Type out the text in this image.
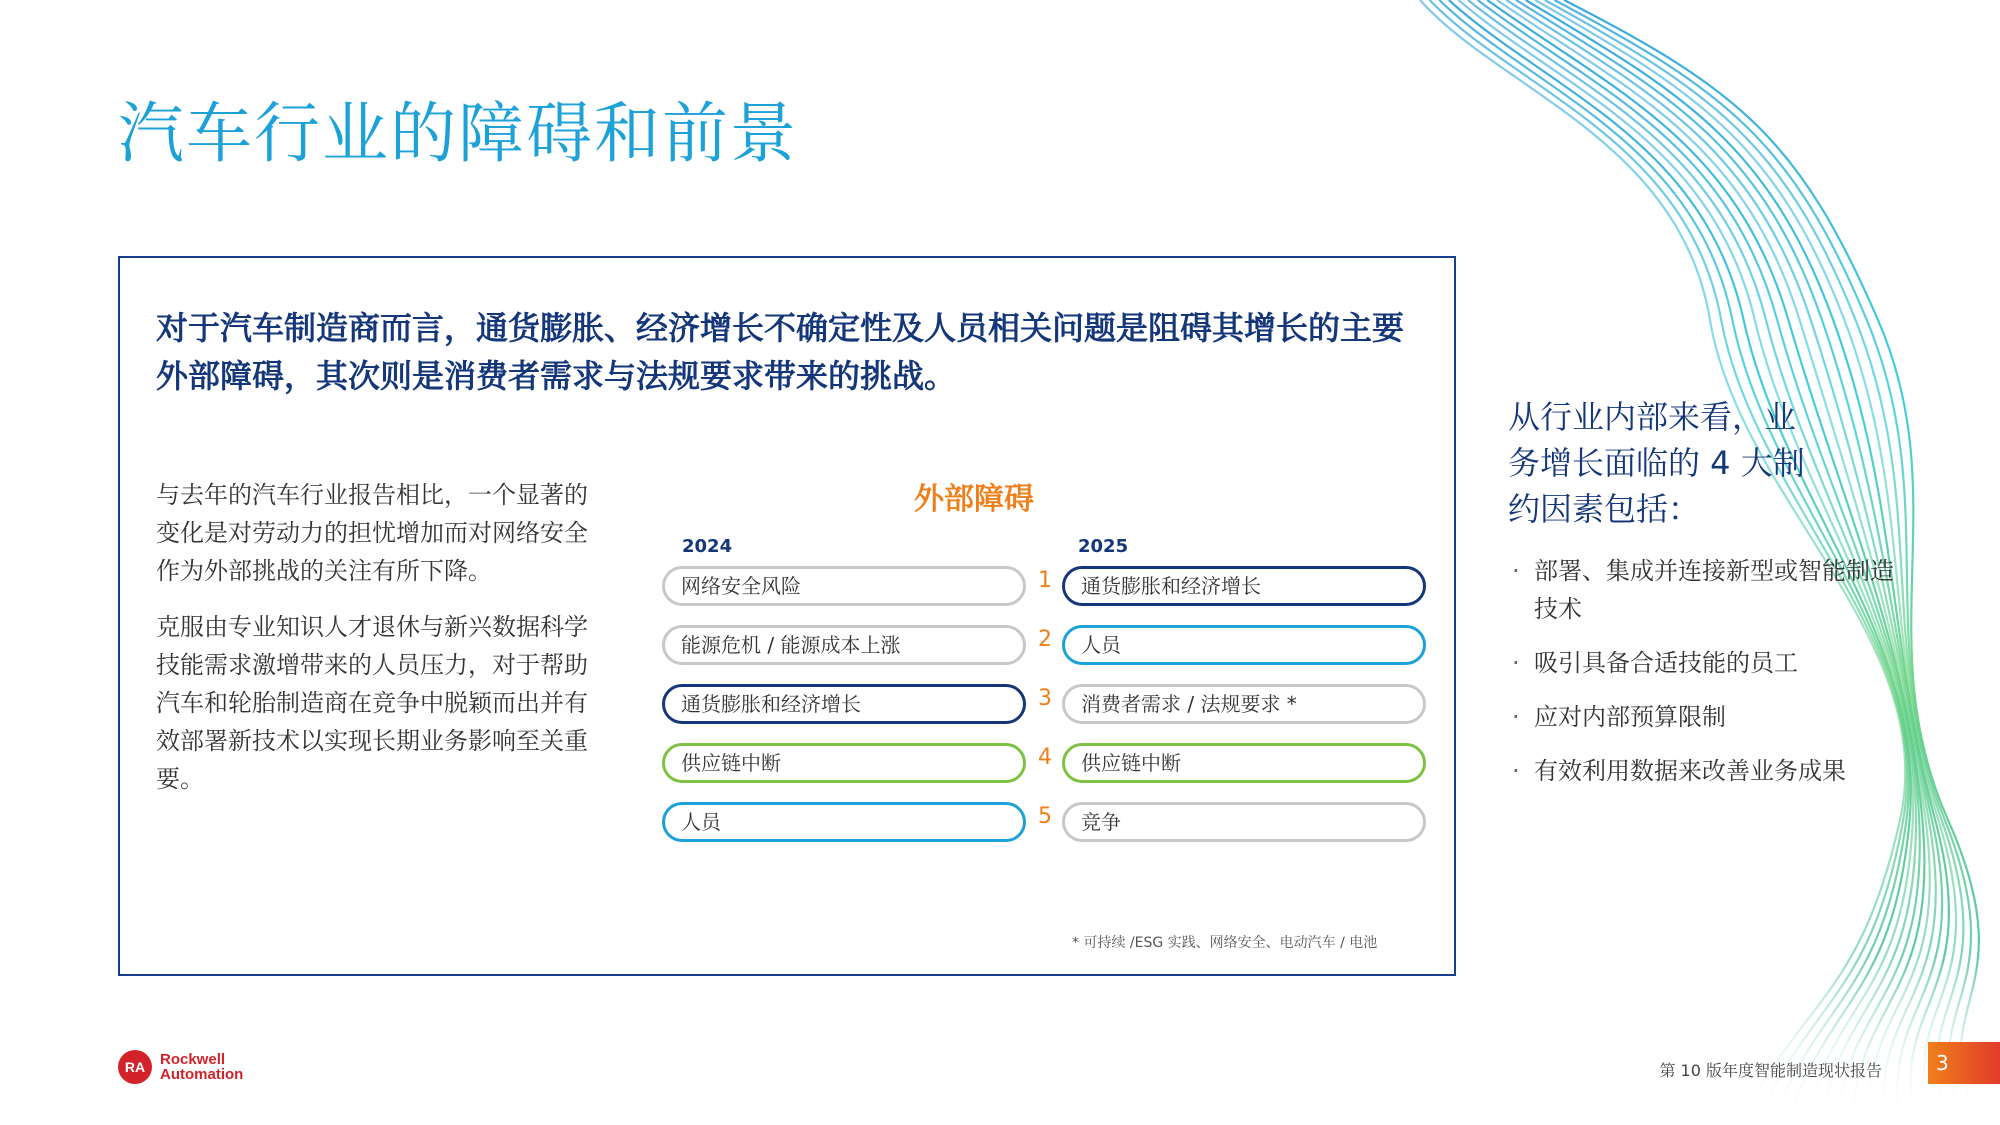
汽车行业的障碍和前景

对于汽车制造商而言，通货膨胀、经济增长不确定性及人员相关问题是阻碍其增长的主要外部障碍，其次则是消费者需求与法规要求带来的挑战。

与去年的汽车行业报告相比，一个显著的变化是对劳动力的担忧增加而对网络安全作为外部挑战的关注有所下降。

克服由专业知识人才退休与新兴数据科学技能需求激增带来的人员压力，对于帮助汽车和轮胎制造商在竞争中脱颖而出并有效部署新技术以实现长期业务影响至关重要。

外部障碍
2024	2025
网络安全风险	1	通货膨胀和经济增长
能源危机 / 能源成本上涨	2	人员
通货膨胀和经济增长	3	消费者需求 / 法规要求 *
供应链中断	4	供应链中断
人员	5	竞争
* 可持续 /ESG 实践、网络安全、电动汽车 / 电池
从行业内部来看，业务增长面临的 4 大制约因素包括：
· 部署、集成并连接新型或智能制造技术
· 吸引具备合适技能的员工
· 应对内部预算限制
· 有效利用数据来改善业务成果
RA Rockwell
Automation	第 10 版年度智能制造现状报告	3
